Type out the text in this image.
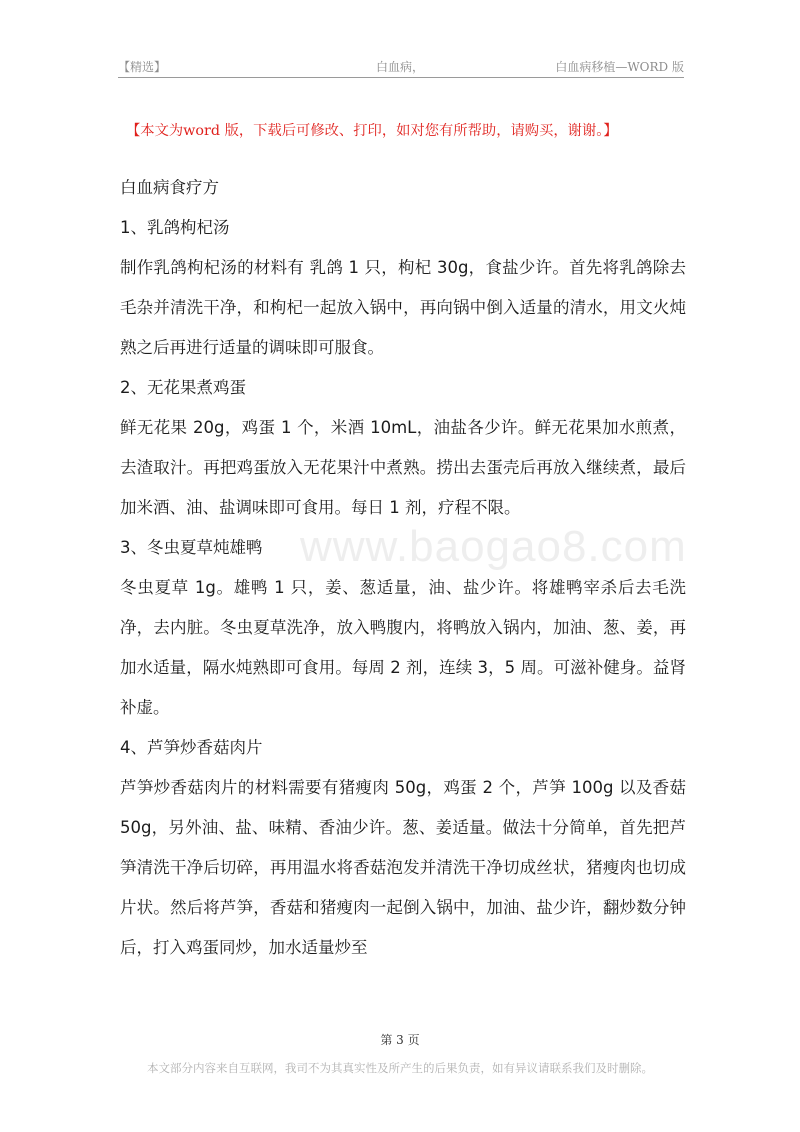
【精选】	白血病，	白血病移植—WORD 版
【本文为word 版，下载后可修改、打印，如对您有所帮助，请购买，谢谢。】
www.baogao8.com

白血病食疗方

1、乳鸽枸杞汤

制作乳鸽枸杞汤的材料有 乳鸽 1 只，枸杞 30g，食盐少许。首先将乳鸽除去毛杂并清洗干净，和枸杞一起放入锅中，再向锅中倒入适量的清水，用文火炖熟之后再进行适量的调味即可服食。

2、无花果煮鸡蛋

鲜无花果 20g，鸡蛋 1 个，米酒 10mL，油盐各少许。鲜无花果加水煎煮，去渣取汁。再把鸡蛋放入无花果汁中煮熟。捞出去蛋壳后再放入继续煮，最后加米酒、油、盐调味即可食用。每日 1 剂，疗程不限。

3、冬虫夏草炖雄鸭

冬虫夏草 1g。雄鸭 1 只，姜、葱适量，油、盐少许。将雄鸭宰杀后去毛洗净，去内脏。冬虫夏草洗净，放入鸭腹内，将鸭放入锅内，加油、葱、姜，再加水适量，隔水炖熟即可食用。每周 2 剂，连续 3，5 周。可滋补健身。益肾补虚。

4、芦笋炒香菇肉片

芦笋炒香菇肉片的材料需要有猪瘦肉 50g，鸡蛋 2 个，芦笋 100g 以及香菇 50g，另外油、盐、味精、香油少许。葱、姜适量。做法十分简单，首先把芦笋清洗干净后切碎，再用温水将香菇泡发并清洗干净切成丝状，猪瘦肉也切成片状。然后将芦笋，香菇和猪瘦肉一起倒入锅中，加油、盐少许，翻炒数分钟后，打入鸡蛋同炒，加水适量炒至

第 3 页
本文部分内容来自互联网，我司不为其真实性及所产生的后果负责，如有异议请联系我们及时删除。
